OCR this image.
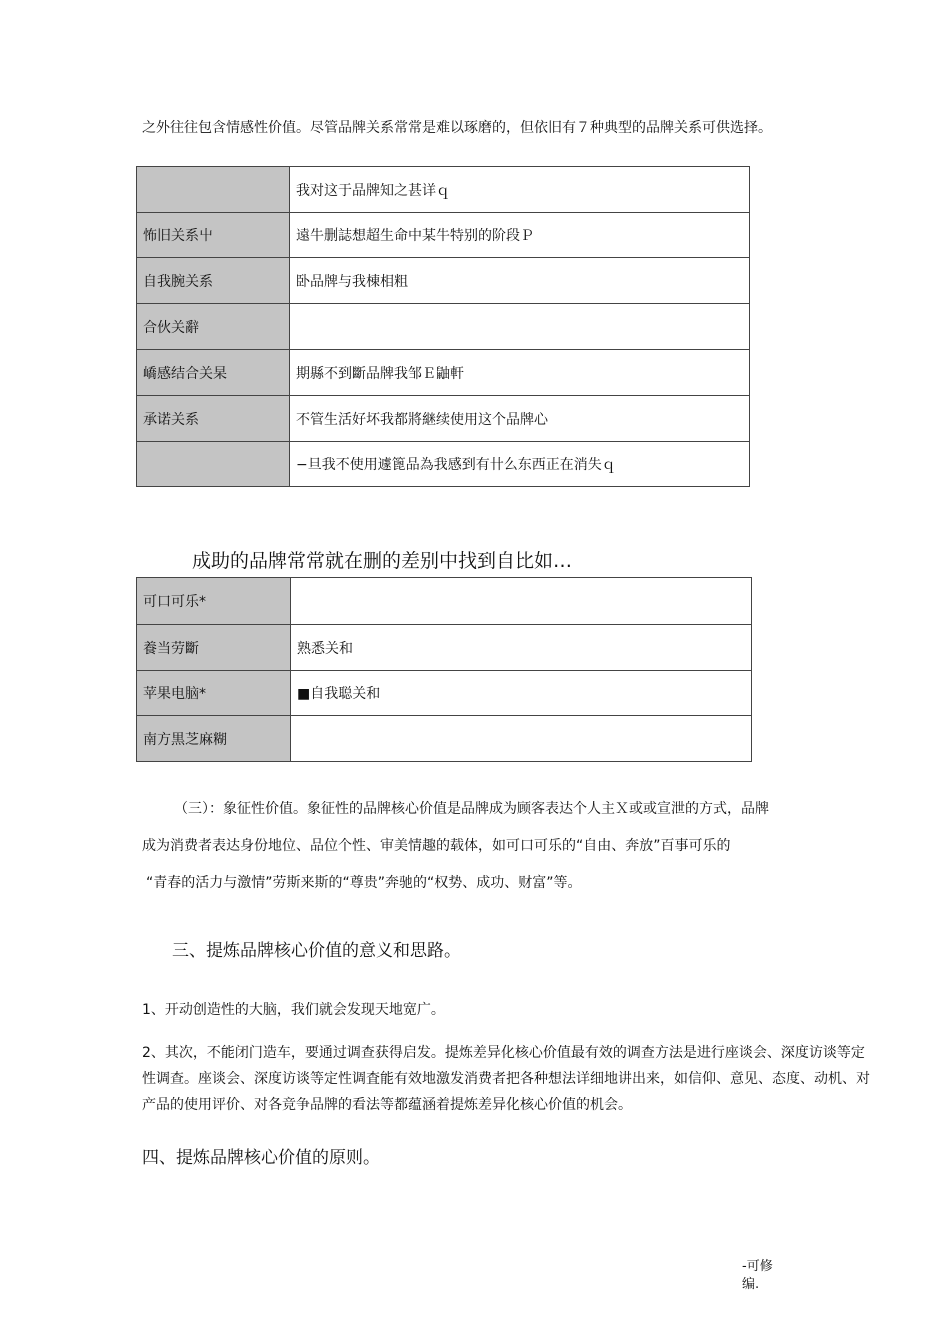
之外往往包含情感性价值。尽管品牌关系常常是难以琢磨的，但依旧有７种典型的品牌关系可供选择。
	我对这于品牌知之甚详ｑ
怖旧关系屮	遠牛删誌想超生命中某牛特别的阶段Ｐ
自我腕关系	卧品牌与我棟相粗
合伙关辭	
嶠感结合关杲	期縣不到斷品牌我邹Ｅ鼬軒
承诺关系	不管生活好坏我都將継续使用这个品牌心
	−旦我不使用遽篦品為我感到有卄么东西正在消失ｑ
成助的品牌常常就在删的差别中找到自比如…
可口可乐*	
養当劳斷	熟悉关和
苹果电脑*	■自我聪关和
南方黒芝麻糊	
（三）：象征性价值。象征性的品牌核心价值是品牌成为顾客表达个人主Ｘ或或宣泄的方式，品牌
成为消费者表达身份地位、品位个性、审美情趣的载体，如可口可乐的“自由、奔放”百事可乐的
“青春的活力与激情”劳斯来斯的“尊贵”奔驰的“权势、成功、财富”等。
三、提炼品牌核心价值的意义和思路。
1、开动创造性的大脑，我们就会发现天地宽广。
2、其次，不能闭门造车，要通过调查获得启发。提炼差异化核心价值最有效的调查方法是进行座谈会、深度访谈等定性调查。座谈会、深度访谈等定性调査能有效地激发消费者把各种想法详细地讲出来，如信仰、意见、态度、动机、对产品的使用评价、对各竞争品牌的看法等都蕴涵着提炼差异化核心价值的机会。
四、提炼品牌核心价值的原则。
-可修
编.
